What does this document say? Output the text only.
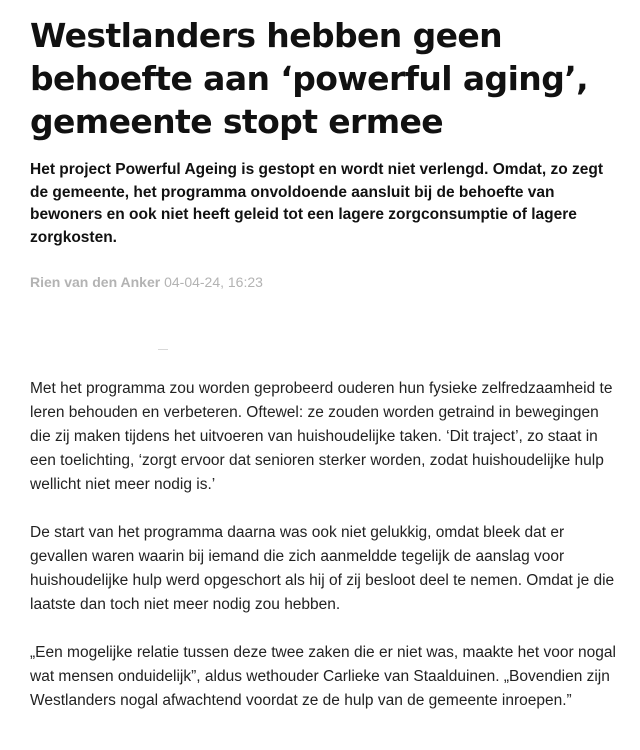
Westlanders hebben geen behoefte aan ‘powerful aging’, gemeente stopt ermee

Het project Powerful Ageing is gestopt en wordt niet verlengd. Omdat, zo zegt de gemeente, het programma onvoldoende aansluit bij de behoefte van bewoners en ook niet heeft geleid tot een lagere zorgconsumptie of lagere zorgkosten.

Rien van den Anker 04-04-24, 16:23

Met het programma zou worden geprobeerd ouderen hun fysieke zelfredzaamheid te leren behouden en verbeteren. Oftewel: ze zouden worden getraind in bewegingen die zij maken tijdens het uitvoeren van huishoudelijke taken. ‘Dit traject’, zo staat in een toelichting, ‘zorgt ervoor dat senioren sterker worden, zodat huishoudelijke hulp wellicht niet meer nodig is.’

De start van het programma daarna was ook niet gelukkig, omdat bleek dat er gevallen waren waarin bij iemand die zich aanmeldde tegelijk de aanslag voor huishoudelijke hulp werd opgeschort als hij of zij besloot deel te nemen. Omdat je die laatste dan toch niet meer nodig zou hebben.

„Een mogelijke relatie tussen deze twee zaken die er niet was, maakte het voor nogal wat mensen onduidelijk”, aldus wethouder Carlieke van Staalduinen. „Bovendien zijn Westlanders nogal afwachtend voordat ze de hulp van de gemeente inroepen.”
